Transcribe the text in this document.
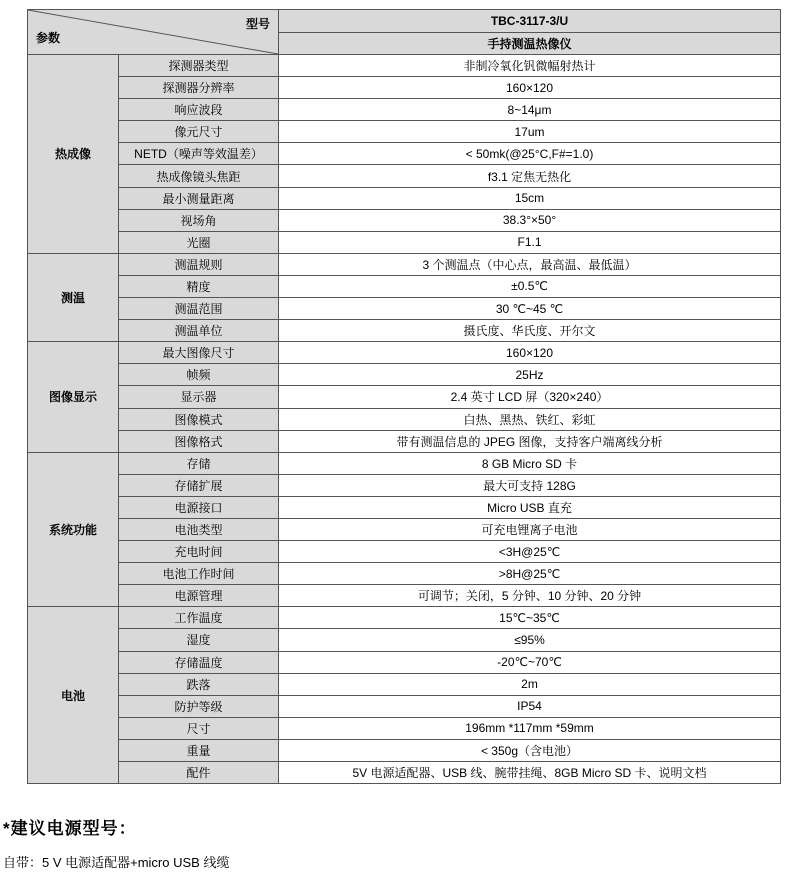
型号
参数		TBC-3117-3/U
		手持测温热像仪
热成像	探测器类型	非制冷氧化钒微幅射热计
	探测器分辨率	160×120
	响应波段	8~14μm
	像元尺寸	17um
	NETD（噪声等效温差）	< 50mk(@25°C,F#=1.0)
	热成像镜头焦距	f3.1 定焦无热化
	最小测量距离	15cm
	视场角	38.3°×50°
	光圈	F1.1
测温	测温规则	3 个测温点（中心点，最高温、最低温）
	精度	±0.5℃
	测温范围	30 ℃~45 ℃
	测温单位	摄氏度、华氏度、开尔文
图像显示	最大图像尺寸	160×120
	帧频	25Hz
	显示器	2.4 英寸 LCD 屏（320×240）
	图像模式	白热、黑热、铁红、彩虹
	图像格式	带有测温信息的 JPEG 图像，支持客户端离线分析
系统功能	存储	8 GB Micro SD 卡
	存储扩展	最大可支持 128G
	电源接口	Micro USB 直充
	电池类型	可充电锂离子电池
	充电时间	<3H@25℃
	电池工作时间	>8H@25℃
	电源管理	可调节；关闭，5 分钟、10 分钟、20 分钟
电池	工作温度	15℃~35℃
	湿度	≤95%
	存储温度	-20℃~70℃
	跌落	2m
	防护等级	IP54
	尺寸	196mm *117mm *59mm
	重量	< 350g（含电池）
	配件	5V 电源适配器、USB 线、腕带挂绳、8GB Micro SD 卡、说明文档
*建议电源型号：
自带：5 V 电源适配器+micro USB 线缆
